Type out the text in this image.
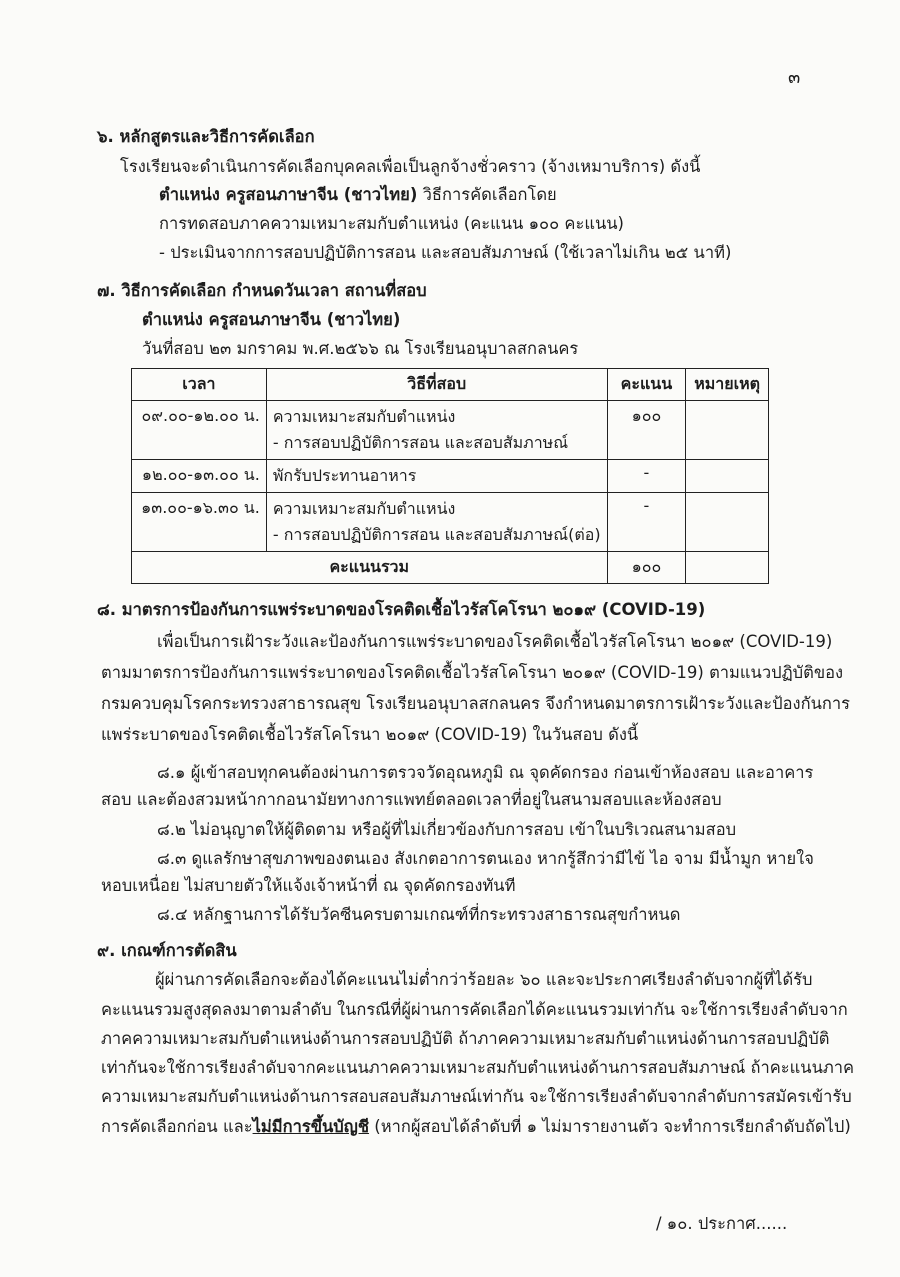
๓
๖. หลักสูตรและวิธีการคัดเลือก
โรงเรียนจะดำเนินการคัดเลือกบุคคลเพื่อเป็นลูกจ้างชั่วคราว (จ้างเหมาบริการ) ดังนี้
ตำแหน่ง ครูสอนภาษาจีน (ชาวไทย) วิธีการคัดเลือกโดย
การทดสอบภาคความเหมาะสมกับตำแหน่ง (คะแนน ๑๐๐ คะแนน)
- ประเมินจากการสอบปฏิบัติการสอน และสอบสัมภาษณ์ (ใช้เวลาไม่เกิน ๒๕ นาที)
๗. วิธีการคัดเลือก กำหนดวันเวลา สถานที่สอบ
ตำแหน่ง ครูสอนภาษาจีน (ชาวไทย)
วันที่สอบ ๒๓ มกราคม พ.ศ.๒๕๖๖ ณ โรงเรียนอนุบาลสกลนคร
เวลา	วิธีที่สอบ	คะแนน	หมายเหตุ
๐๙.๐๐-๑๒.๐๐ น.	ความเหมาะสมกับตำแหน่ง
- การสอบปฏิบัติการสอน และสอบสัมภาษณ์	๑๐๐	
๑๒.๐๐-๑๓.๐๐ น.	พักรับประทานอาหาร	-	
๑๓.๐๐-๑๖.๓๐ น.	ความเหมาะสมกับตำแหน่ง
- การสอบปฏิบัติการสอน และสอบสัมภาษณ์(ต่อ)	-	
คะแนนรวม		๑๐๐	
๘. มาตรการป้องกันการแพร่ระบาดของโรคติดเชื้อไวรัสโคโรนา ๒๐๑๙ (COVID-19)
เพื่อเป็นการเฝ้าระวังและป้องกันการแพร่ระบาดของโรคติดเชื้อไวรัสโคโรนา ๒๐๑๙ (COVID-19)
ตามมาตรการป้องกันการแพร่ระบาดของโรคติดเชื้อไวรัสโคโรนา ๒๐๑๙ (COVID-19) ตามแนวปฏิบัติของ
กรมควบคุมโรคกระทรวงสาธารณสุข โรงเรียนอนุบาลสกลนคร จึงกำหนดมาตรการเฝ้าระวังและป้องกันการ
แพร่ระบาดของโรคติดเชื้อไวรัสโคโรนา ๒๐๑๙ (COVID-19) ในวันสอบ ดังนี้
๘.๑ ผู้เข้าสอบทุกคนต้องผ่านการตรวจวัดอุณหภูมิ ณ จุดคัดกรอง ก่อนเข้าห้องสอบ และอาคาร
สอบ และต้องสวมหน้ากากอนามัยทางการแพทย์ตลอดเวลาที่อยู่ในสนามสอบและห้องสอบ
๘.๒ ไม่อนุญาตให้ผู้ติดตาม หรือผู้ที่ไม่เกี่ยวข้องกับการสอบ เข้าในบริเวณสนามสอบ
๘.๓ ดูแลรักษาสุขภาพของตนเอง สังเกตอาการตนเอง หากรู้สึกว่ามีไข้ ไอ จาม มีน้ำมูก หายใจ
หอบเหนื่อย ไม่สบายตัวให้แจ้งเจ้าหน้าที่ ณ จุดคัดกรองทันที
๘.๔ หลักฐานการได้รับวัคซีนครบตามเกณฑ์ที่กระทรวงสาธารณสุขกำหนด
๙. เกณฑ์การตัดสิน
ผู้ผ่านการคัดเลือกจะต้องได้คะแนนไม่ต่ำกว่าร้อยละ ๖๐ และจะประกาศเรียงลำดับจากผู้ที่ได้รับ
คะแนนรวมสูงสุดลงมาตามลำดับ ในกรณีที่ผู้ผ่านการคัดเลือกได้คะแนนรวมเท่ากัน จะใช้การเรียงลำดับจาก
ภาคความเหมาะสมกับตำแหน่งด้านการสอบปฏิบัติ ถ้าภาคความเหมาะสมกับตำแหน่งด้านการสอบปฏิบัติ
เท่ากันจะใช้การเรียงลำดับจากคะแนนภาคความเหมาะสมกับตำแหน่งด้านการสอบสัมภาษณ์ ถ้าคะแนนภาค
ความเหมาะสมกับตำแหน่งด้านการสอบสอบสัมภาษณ์เท่ากัน จะใช้การเรียงลำดับจากลำดับการสมัครเข้ารับ
การคัดเลือกก่อน และไม่มีการขึ้นบัญชี (หากผู้สอบได้ลำดับที่ ๑ ไม่มารายงานตัว จะทำการเรียกลำดับถัดไป)
/ ๑๐. ประกาศ......
